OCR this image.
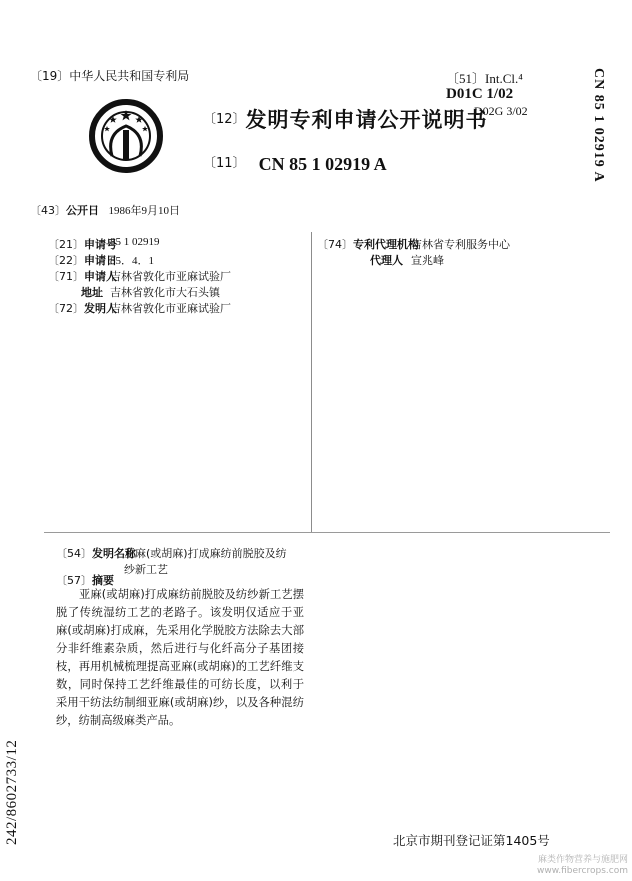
〔19〕中华人民共和国专利局
$^{〔12〕}$发明专利申请公开说明书
〔11〕 CN 85 1 02919 A
〔51〕Int.Cl.⁴
D01C 1/02
D02G 3/02	CN 85 1 02919 A
〔43〕公开日 1986年9月10日
〔21〕申请号
85 1 02919
〔22〕申请日
85．4．1
〔71〕申请人
吉林省敦化市亚麻试验厂
地址 吉林省敦化市大石头镇
〔72〕发明人
吉林省敦化市亚麻试验厂
〔74〕专利代理机构
吉林省专利服务中心
代理人 宣兆峰
〔54〕发明名称
亚麻(或胡麻)打成麻纺前脱胶及纺
纱新工艺
〔57〕摘要
亚麻(或胡麻)打成麻纺前脱胶及纺纱新工艺摆脱了传统湿纺工艺的老路子。该发明仅适应于亚麻(或胡麻)打成麻，先采用化学脱胶方法除去大部分非纤维素杂质，然后进行与化纤高分子基团接枝，再用机械梳理提高亚麻(或胡麻)的工艺纤维支数，同时保持工艺纤维最佳的可纺长度，以利于采用干纺法纺制细亚麻(或胡麻)纱，以及各种混纺纱，纺制高级麻类产品。
242/8602733/12	北京市期刊登记证第1405号
麻类作物营养与施肥网
www.fibercrops.com
